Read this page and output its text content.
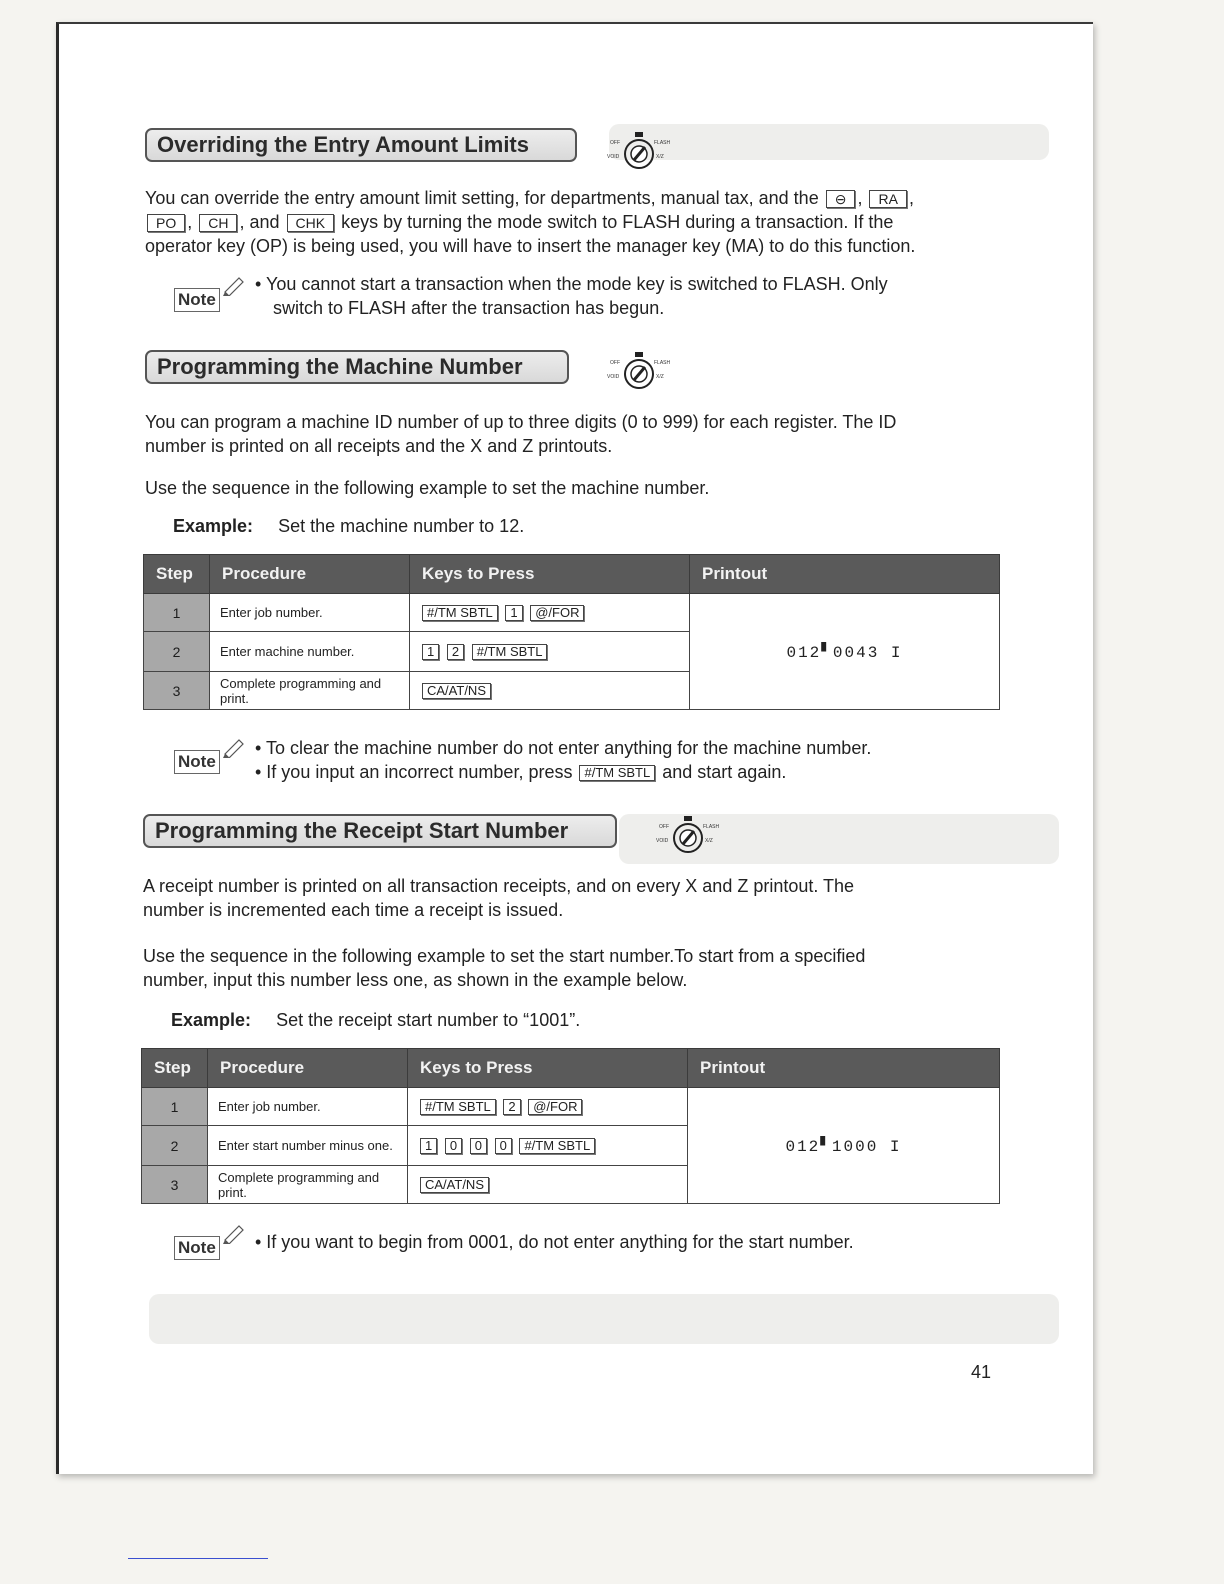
Overriding the Entry Amount Limits	OFF	FLASH
VOID	X/Z
You can override the entry amount limit setting, for departments, manual tax, and the ⊖ , RA ,
PO , CH , and CHK keys by turning the mode switch to FLASH during a transaction. If the
operator key (OP) is being used, you will have to insert the manager key (MA) to do this function.
Note
• You cannot start a transaction when the mode key is switched to FLASH. Only
switch to FLASH after the transaction has begun.
Programming the Machine Number	OFF	FLASH
VOID	X/Z
You can program a machine ID number of up to three digits (0 to 999) for each register. The ID
number is printed on all receipts and the X and Z printouts.
Use the sequence in the following example to set the machine number.
Example: Set the machine number to 12.
Step	Procedure	Keys to Press	Printout
1	Enter job number.	#/TM SBTL 1 @/FOR	012▘0043 I
2	Enter machine number.	1 2 #/TM SBTL	
3	Complete programming and print.	CA/AT/NS	
Note
• To clear the machine number do not enter anything for the machine number.
• If you input an incorrect number, press #/TM SBTL and start again.
Programming the Receipt Start Number	OFF	FLASH
VOID	X/Z
A receipt number is printed on all transaction receipts, and on every X and Z printout. The
number is incremented each time a receipt is issued.
Use the sequence in the following example to set the start number.To start from a specified
number, input this number less one, as shown in the example below.
Example: Set the receipt start number to “1001”.
Step	Procedure	Keys to Press	Printout
1	Enter job number.	#/TM SBTL 2 @/FOR	012▘1000 I
2	Enter start number minus one.	1 0 0 0 #/TM SBTL	
3	Complete programming and print.	CA/AT/NS	
Note • If you want to begin from 0001, do not enter anything for the start number.
41
